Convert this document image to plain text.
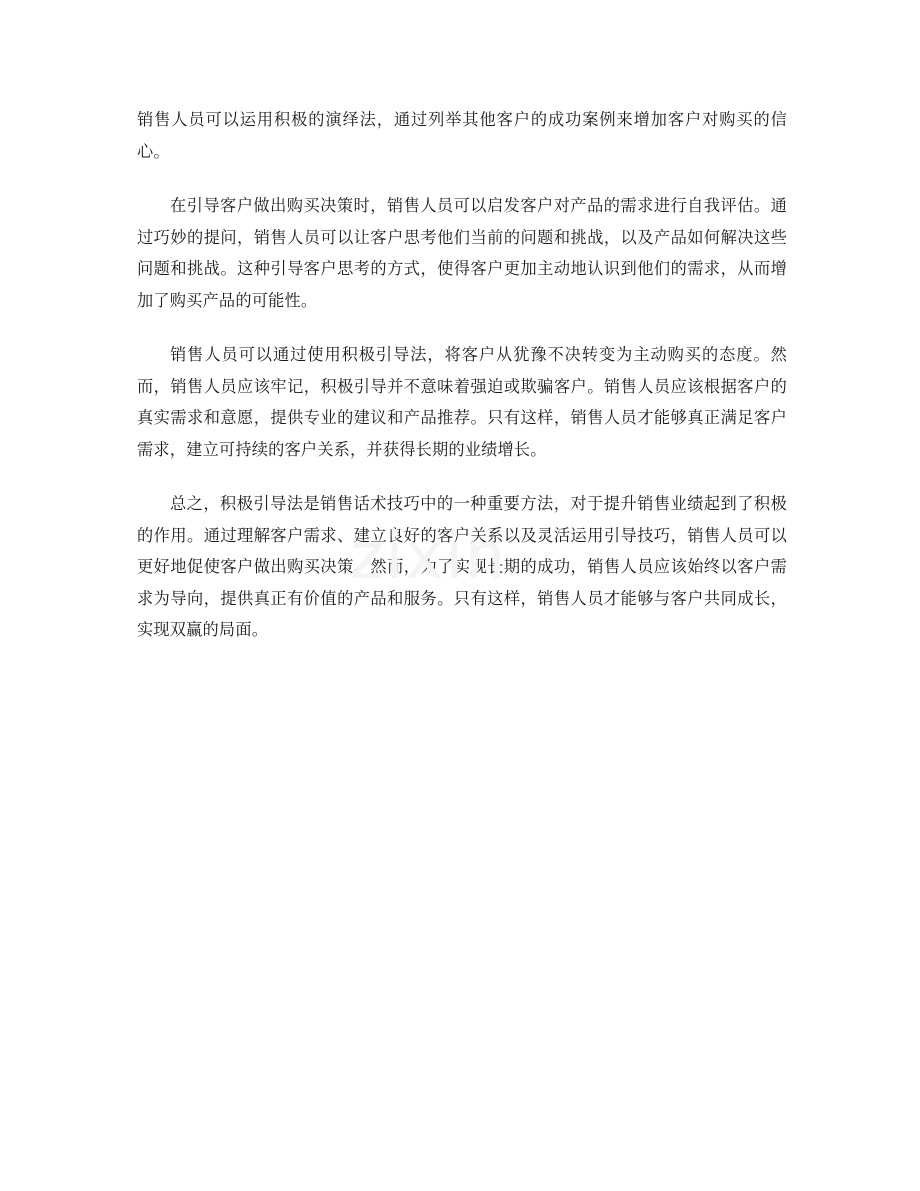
销售人员可以运用积极的演绎法，通过列举其他客户的成功案例来增加客户对购买的信心。

在引导客户做出购买决策时，销售人员可以启发客户对产品的需求进行自我评估。通过巧妙的提问，销售人员可以让客户思考他们当前的问题和挑战，以及产品如何解决这些问题和挑战。这种引导客户思考的方式，使得客户更加主动地认识到他们的需求，从而增加了购买产品的可能性。

销售人员可以通过使用积极引导法，将客户从犹豫不决转变为主动购买的态度。然而，销售人员应该牢记，积极引导并不意味着强迫或欺骗客户。销售人员应该根据客户的真实需求和意愿，提供专业的建议和产品推荐。只有这样，销售人员才能够真正满足客户需求，建立可持续的客户关系，并获得长期的业绩增长。

总之，积极引导法是销售话术技巧中的一种重要方法，对于提升销售业绩起到了积极的作用。通过理解客户需求、建立良好的客户关系以及灵活运用引导技巧，销售人员可以更好地促使客户做出购买决策。然而，为了实现长期的成功，销售人员应该始终以客户需求为导向，提供真正有价值的产品和服务。只有这样，销售人员才能够与客户共同成长，实现双赢的局面。

zixin
